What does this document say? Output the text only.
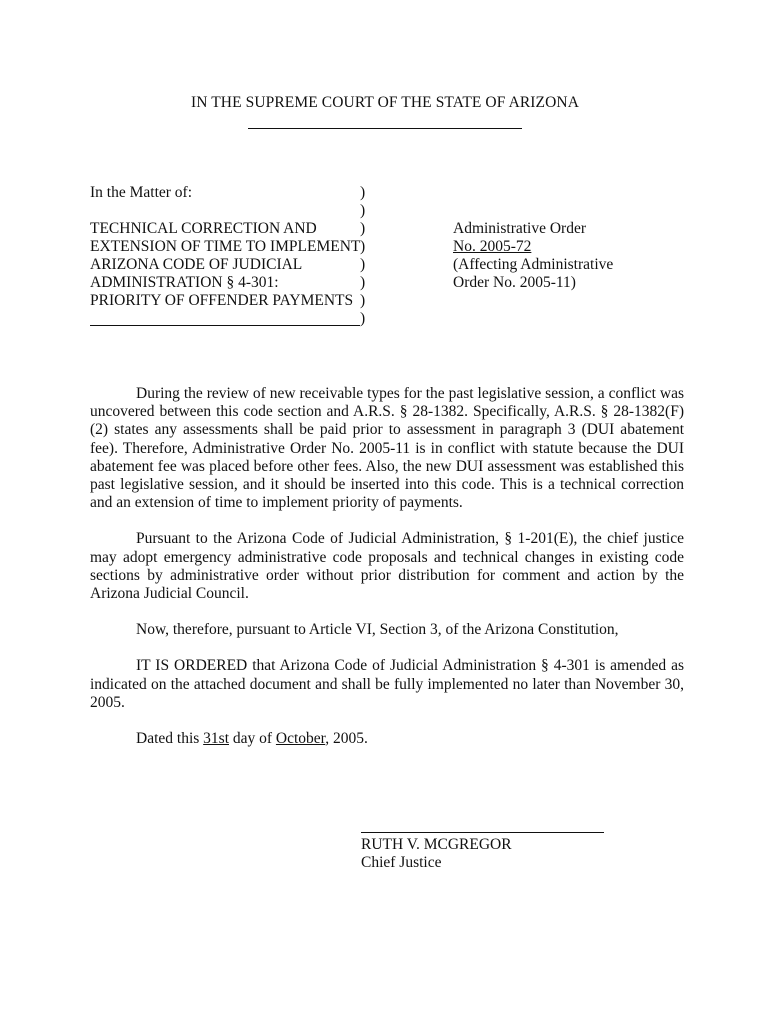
IN THE SUPREME COURT OF THE STATE OF ARIZONA
In the Matter of:	)
)
TECHNICAL CORRECTION AND	)
EXTENSION OF TIME TO IMPLEMENT )
ARIZONA CODE OF JUDICIAL	)
ADMINISTRATION § 4-301:	)
PRIORITY OF OFFENDER PAYMENTS )
)
Administrative Order
No. 2005-72
(Affecting Administrative
Order No. 2005-11)

During the review of new receivable types for the past legislative session, a conflict was uncovered between this code section and A.R.S. § 28-1382. Specifically, A.R.S. § 28-1382(F)(2) states any assessments shall be paid prior to assessment in paragraph 3 (DUI abatement fee). Therefore, Administrative Order No. 2005-11 is in conflict with statute because the DUI abatement fee was placed before other fees. Also, the new DUI assessment was established this past legislative session, and it should be inserted into this code. This is a technical correction and an extension of time to implement priority of payments.

Pursuant to the Arizona Code of Judicial Administration, § 1-201(E), the chief justice may adopt emergency administrative code proposals and technical changes in existing code sections by administrative order without prior distribution for comment and action by the Arizona Judicial Council.

Now, therefore, pursuant to Article VI, Section 3, of the Arizona Constitution,

IT IS ORDERED that Arizona Code of Judicial Administration § 4-301 is amended as indicated on the attached document and shall be fully implemented no later than November 30, 2005.

Dated this 31st day of October, 2005.

RUTH V. MCGREGOR
Chief Justice
